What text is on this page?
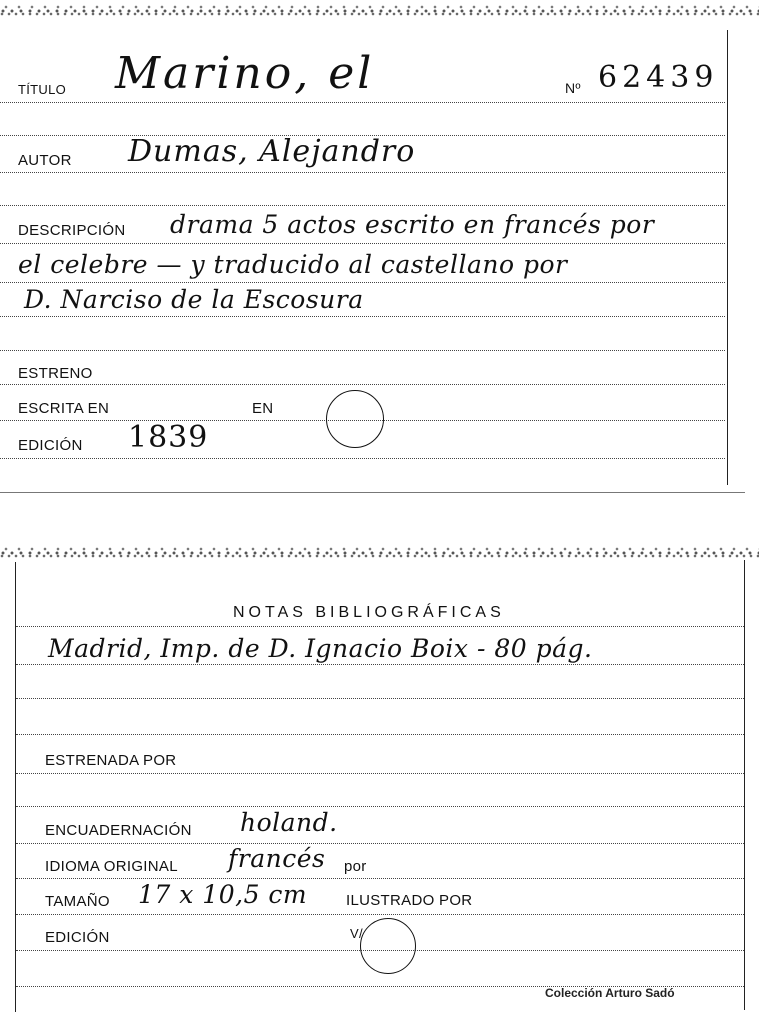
TÍTULO Marino, el	Nº 62439
AUTOR Dumas, Alejandro
DESCRIPCIÓN drama 5 actos escrito en francés por
el celebre — y traducido al castellano por
D. Narciso de la Escosura
ESTRENO
ESCRITA EN	EN
EDICIÓN 1839
NOTAS BIBLIOGRÁFICAS
Madrid, Imp. de D. Ignacio Boix - 80 pág.
ESTRENADA POR
ENCUADERNACIÓN holand.
IDIOMA ORIGINAL francés por
TAMAÑO 17 x 10,5 cm	ILUSTRADO POR
EDICIÓN	V/
Colección Arturo Sadó
